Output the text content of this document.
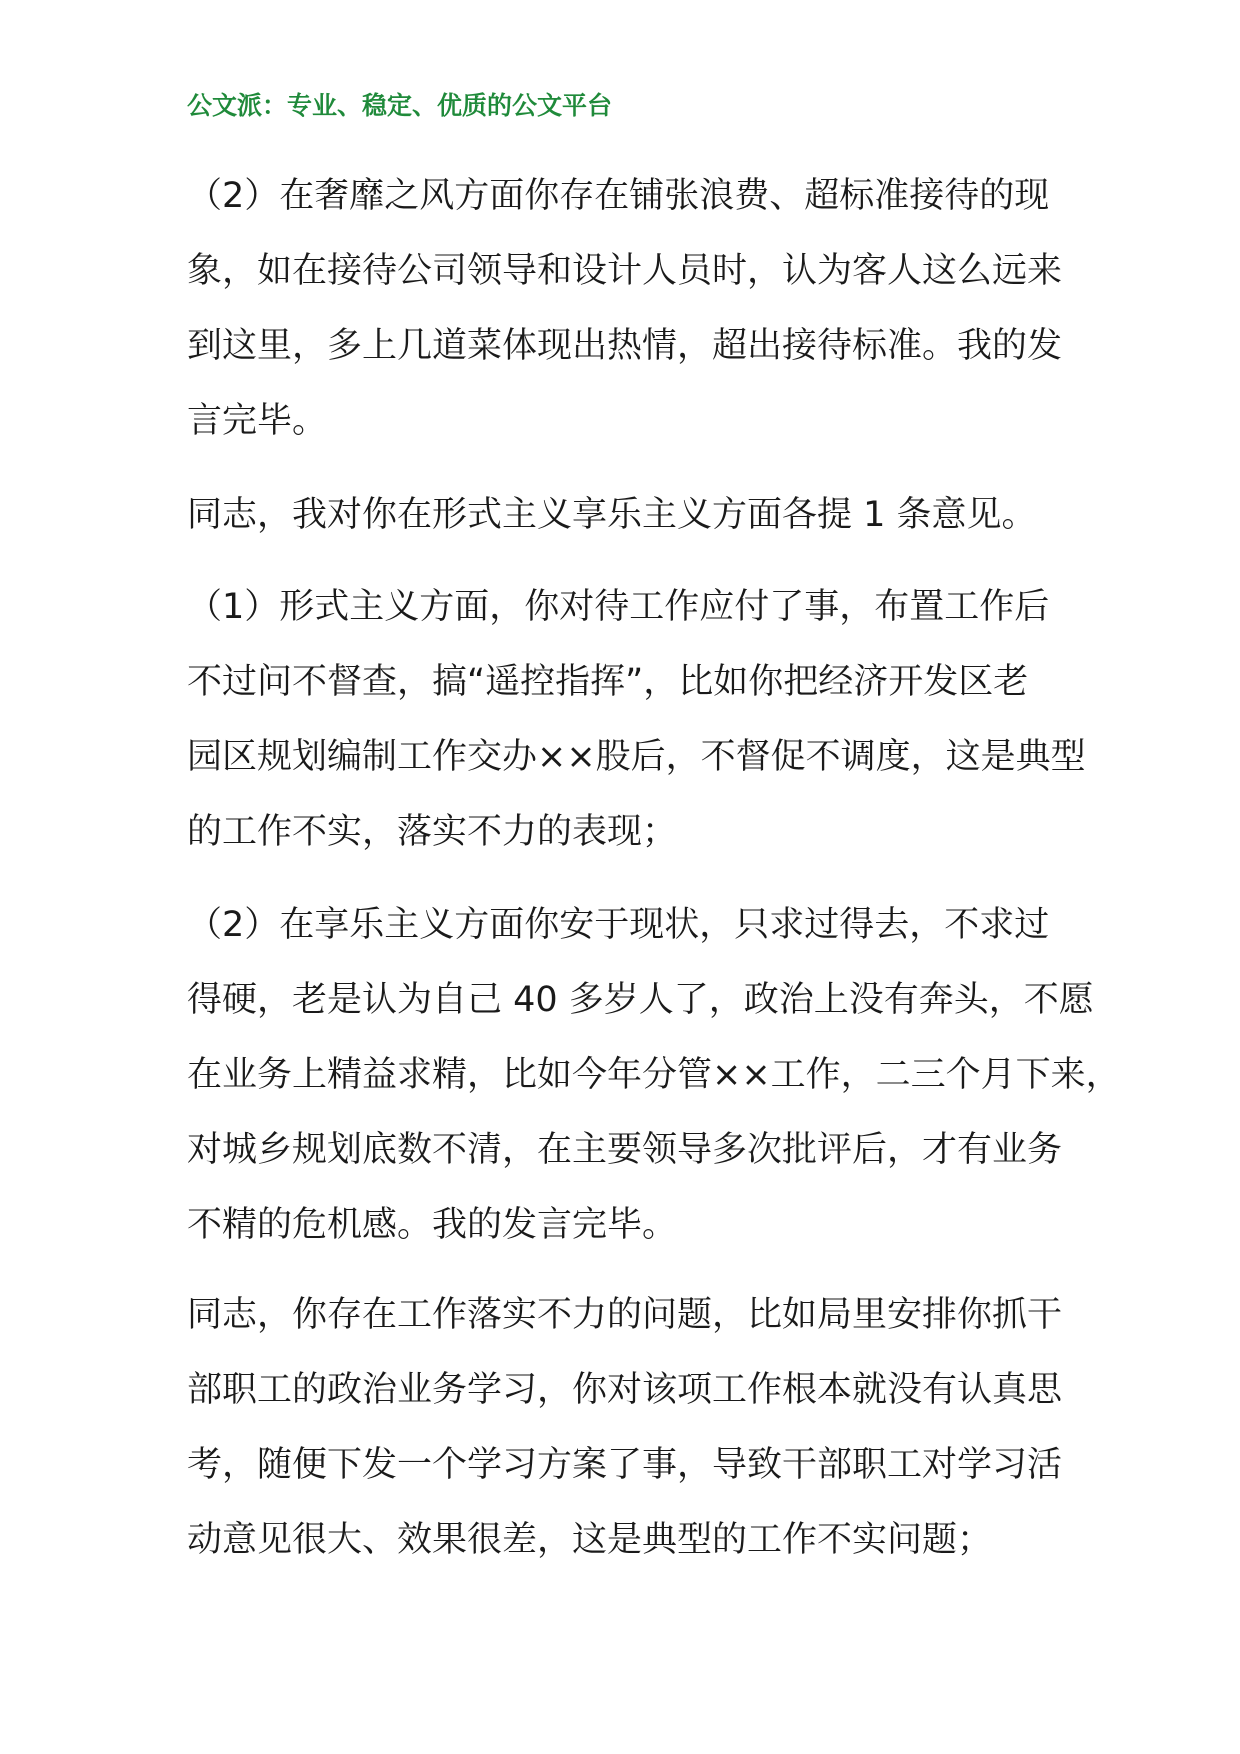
公文派：专业、稳定、优质的公文平台
（2）在奢靡之风方面你存在铺张浪费、超标准接待的现
象，如在接待公司领导和设计人员时，认为客人这么远来
到这里，多上几道菜体现出热情，超出接待标准。我的发
言完毕。
同志，我对你在形式主义享乐主义方面各提 1 条意见。
（1）形式主义方面，你对待工作应付了事，布置工作后
不过问不督查，搞“遥控指挥”，比如你把经济开发区老
园区规划编制工作交办××股后，不督促不调度，这是典型
的工作不实，落实不力的表现；
（2）在享乐主义方面你安于现状，只求过得去，不求过
得硬，老是认为自己 40 多岁人了，政治上没有奔头，不愿
在业务上精益求精，比如今年分管××工作，二三个月下来，
对城乡规划底数不清，在主要领导多次批评后，才有业务
不精的危机感。我的发言完毕。
同志，你存在工作落实不力的问题，比如局里安排你抓干
部职工的政治业务学习，你对该项工作根本就没有认真思
考，随便下发一个学习方案了事，导致干部职工对学习活
动意见很大、效果很差，这是典型的工作不实问题；
